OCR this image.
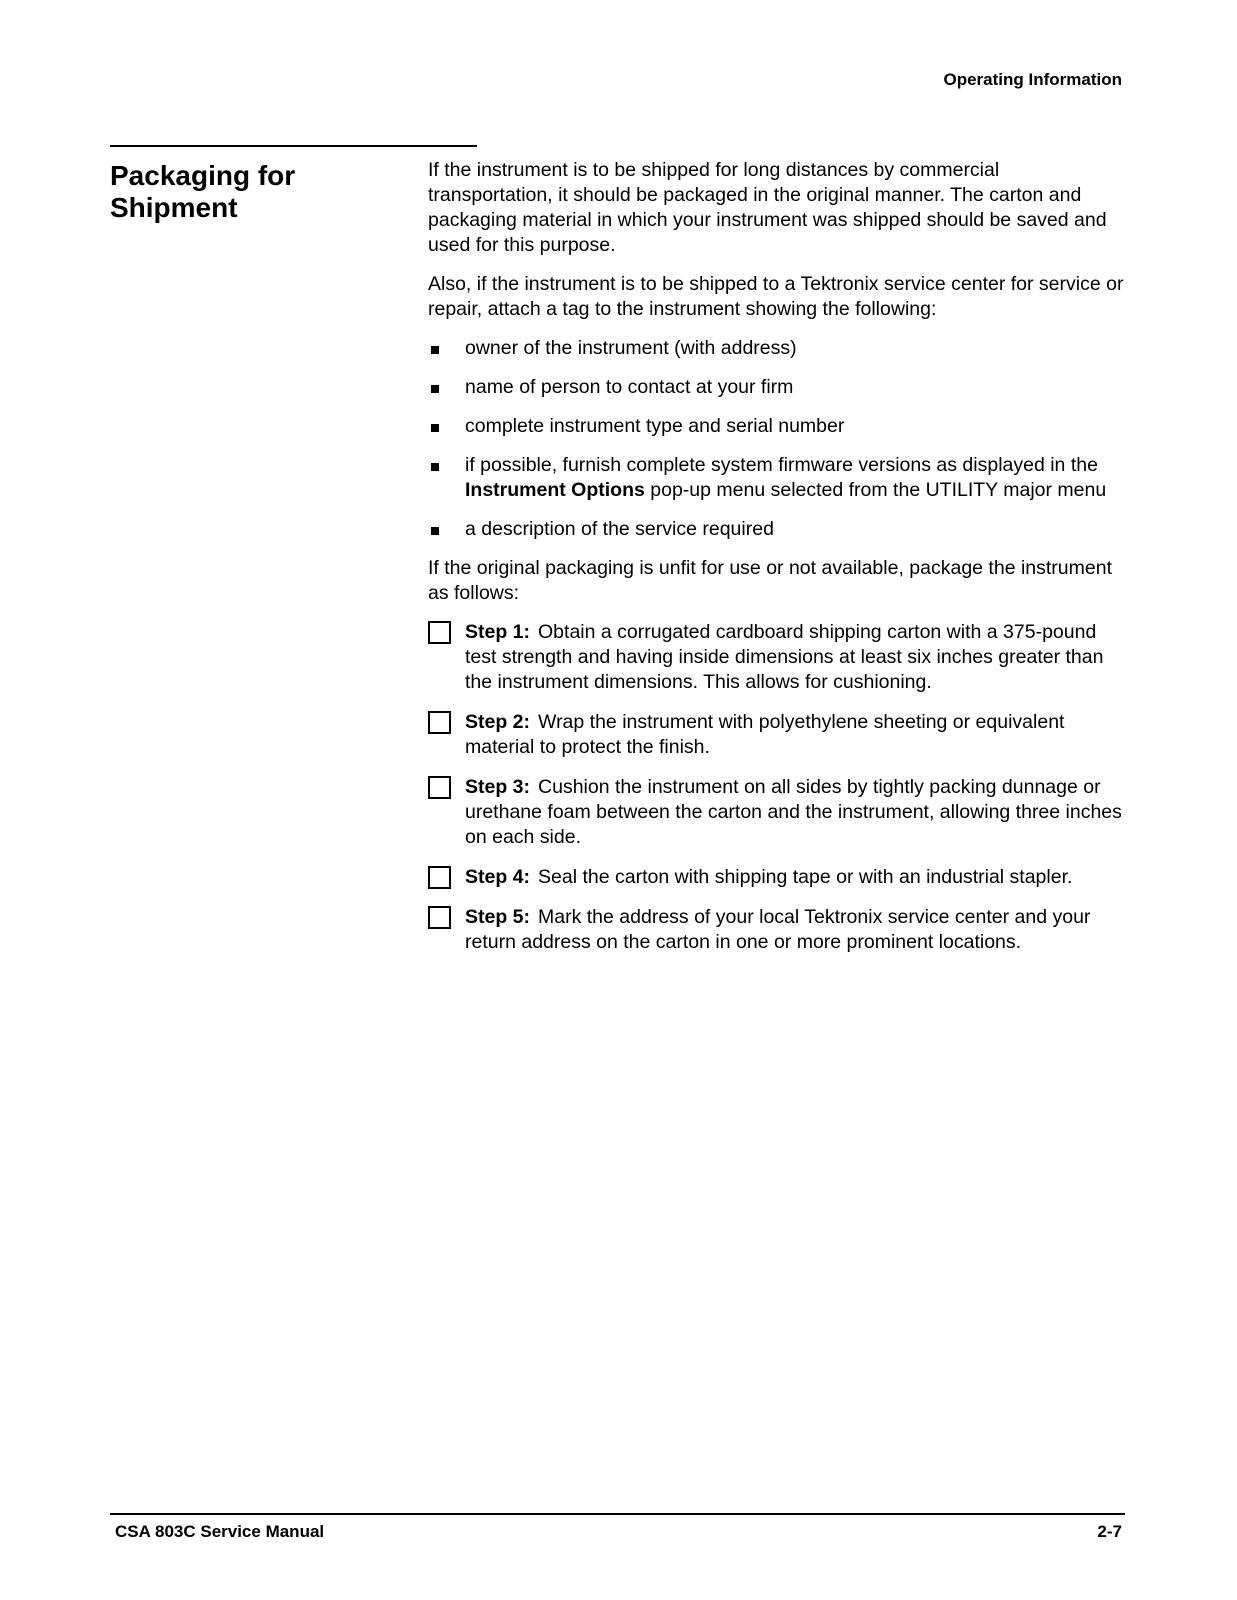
Operating Information
Packaging for Shipment

If the instrument is to be shipped for long distances by commercial transportation, it should be packaged in the original manner. The carton and packaging material in which your instrument was shipped should be saved and used for this purpose.

Also, if the instrument is to be shipped to a Tektronix service center for service or repair, attach a tag to the instrument showing the following:

owner of the instrument (with address)
name of person to contact at your firm
complete instrument type and serial number
if possible, furnish complete system firmware versions as displayed in the Instrument Options pop-up menu selected from the UTILITY major menu
a description of the service required

If the original packaging is unfit for use or not available, package the instrument as follows:

Step 1: Obtain a corrugated cardboard shipping carton with a 375-pound test strength and having inside dimensions at least six inches greater than the instrument dimensions. This allows for cushioning.
Step 2: Wrap the instrument with polyethylene sheeting or equivalent material to protect the finish.
Step 3: Cushion the instrument on all sides by tightly packing dunnage or urethane foam between the carton and the instrument, allowing three inches on each side.
Step 4: Seal the carton with shipping tape or with an industrial stapler.
Step 5: Mark the address of your local Tektronix service center and your return address on the carton in one or more prominent locations.
CSA 803C Service Manual	2-7
